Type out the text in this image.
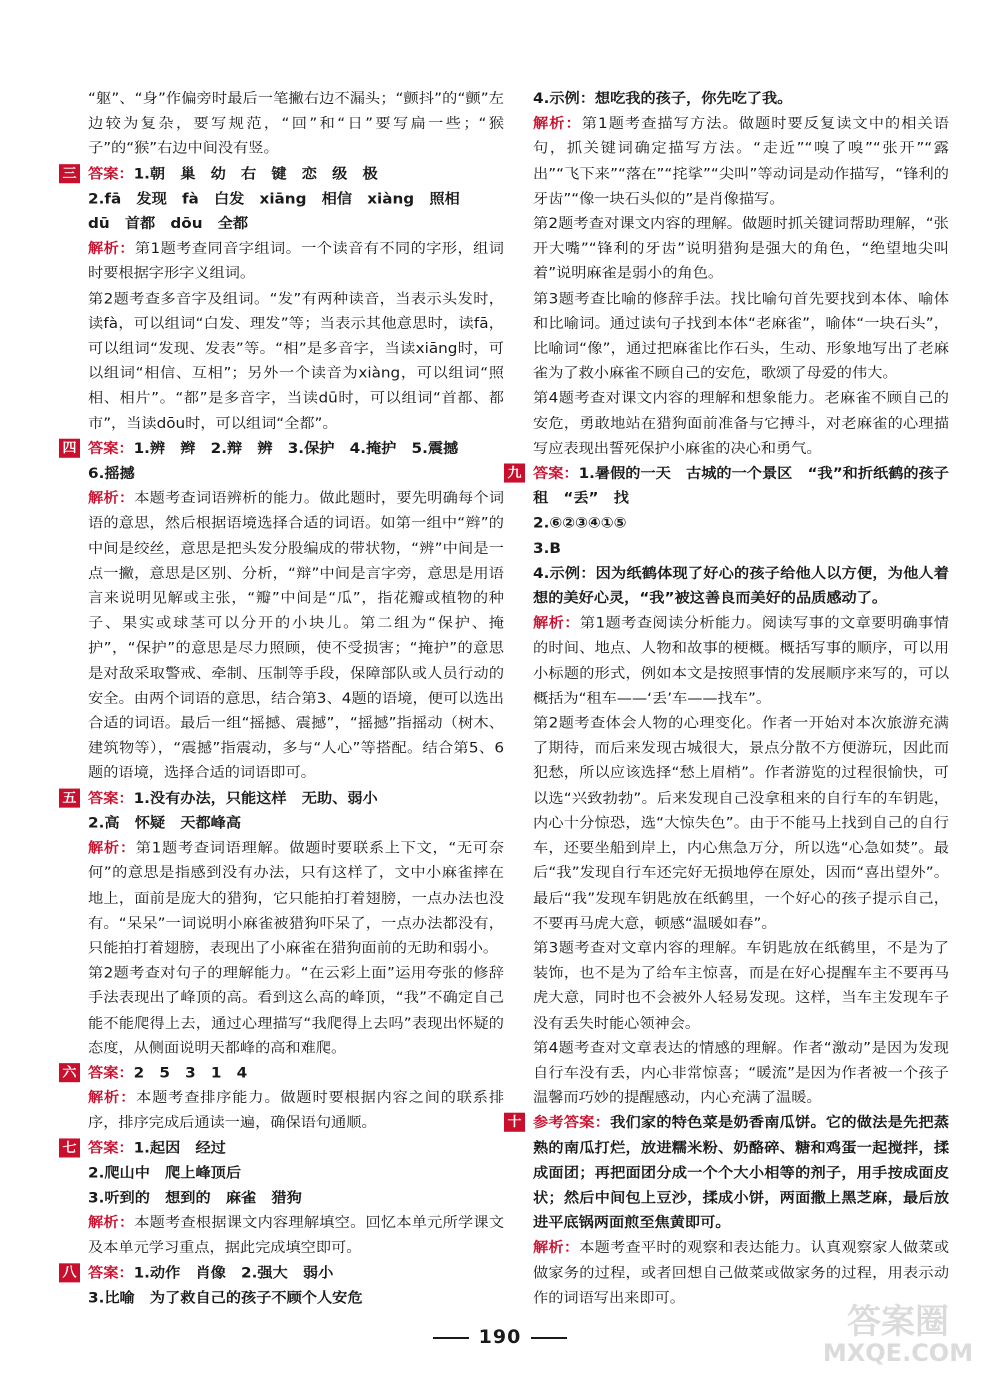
“躯”、“身”作偏旁时最后一笔撇右边不漏头；“颤抖”的“颤”左边较为复杂，要写规范，“回”和“日”要写扁一些；“猴子”的“猴”右边中间没有竖。

三 答案：1.朝　巢　幼　右　键　恋　级　极

2.fā　发现　fà　白发　xiāng　相信　xiàng　照相

dū　首都　dōu　全都

解析：第1题考查同音字组词。一个读音有不同的字形，组词时要根据字形字义组词。

第2题考查多音字及组词。“发”有两种读音，当表示头发时，读fà，可以组词“白发、理发”等；当表示其他意思时，读fā，可以组词“发现、发表”等。“相”是多音字，当读xiāng时，可以组词“相信、互相”；另外一个读音为xiàng，可以组词“照相、相片”。“都”是多音字，当读dū时，可以组词“首都、都市”，当读dōu时，可以组词“全都”。

四 答案：1.辨　辫　2.辩　辨　3.保护　4.掩护　5.震撼

6.摇撼

解析：本题考查词语辨析的能力。做此题时，要先明确每个词语的意思，然后根据语境选择合适的词语。如第一组中“辫”的中间是绞丝，意思是把头发分股编成的带状物，“辨”中间是一点一撇，意思是区别、分析，“辩”中间是言字旁，意思是用语言来说明见解或主张，“瓣”中间是“瓜”，指花瓣或植物的种子、果实或球茎可以分开的小块儿。第二组为“保护、掩护”，“保护”的意思是尽力照顾，使不受损害；“掩护”的意思是对敌采取警戒、牵制、压制等手段，保障部队或人员行动的安全。由两个词语的意思，结合第3、4题的语境，便可以选出合适的词语。最后一组“摇撼、震撼”，“摇撼”指摇动（树木、建筑物等），“震撼”指震动，多与“人心”等搭配。结合第5、6题的语境，选择合适的词语即可。

五 答案：1.没有办法，只能这样　无助、弱小

2.高　怀疑　天都峰高

解析：第1题考查词语理解。做题时要联系上下文，“无可奈何”的意思是指感到没有办法，只有这样了，文中小麻雀摔在地上，面前是庞大的猎狗，它只能拍打着翅膀，一点办法也没有。“呆呆”一词说明小麻雀被猎狗吓呆了，一点办法都没有，只能拍打着翅膀，表现出了小麻雀在猎狗面前的无助和弱小。

第2题考查对句子的理解能力。“在云彩上面”运用夸张的修辞手法表现出了峰顶的高。看到这么高的峰顶，“我”不确定自己能不能爬得上去，通过心理描写“我爬得上去吗”表现出怀疑的态度，从侧面说明天都峰的高和难爬。

六 答案：2　5　3　1　4

解析：本题考查排序能力。做题时要根据内容之间的联系排序，排序完成后通读一遍，确保语句通顺。

七 答案：1.起因　经过

2.爬山中　爬上峰顶后

3.听到的　想到的　麻雀　猎狗

解析：本题考查根据课文内容理解填空。回忆本单元所学课文及本单元学习重点，据此完成填空即可。

八 答案：1.动作　肖像　2.强大　弱小

3.比喻　为了救自己的孩子不顾个人安危

4.示例：想吃我的孩子，你先吃了我。

解析：第1题考查描写方法。做题时要反复读文中的相关语句，抓关键词确定描写方法。“走近”“嗅了嗅”“张开”“露出”“飞下来”“落在”“挓挲”“尖叫”等动词是动作描写，“锋利的牙齿”“像一块石头似的”是肖像描写。

第2题考查对课文内容的理解。做题时抓关键词帮助理解，“张开大嘴”“锋利的牙齿”说明猎狗是强大的角色，“绝望地尖叫着”说明麻雀是弱小的角色。

第3题考查比喻的修辞手法。找比喻句首先要找到本体、喻体和比喻词。通过读句子找到本体“老麻雀”，喻体“一块石头”，比喻词“像”，通过把麻雀比作石头，生动、形象地写出了老麻雀为了救小麻雀不顾自己的安危，歌颂了母爱的伟大。

第4题考查对课文内容的理解和想象能力。老麻雀不顾自己的安危，勇敢地站在猎狗面前准备与它搏斗，对老麻雀的心理描写应表现出誓死保护小麻雀的决心和勇气。

九 答案：1.暑假的一天　古城的一个景区　“我”和折纸鹤的孩子　租　“丢”　找

2.⑥②③④①⑤

3.B

4.示例：因为纸鹤体现了好心的孩子给他人以方便，为他人着想的美好心灵，“我”被这善良而美好的品质感动了。

解析：第1题考查阅读分析能力。阅读写事的文章要明确事情的时间、地点、人物和故事的梗概。概括写事的顺序，可以用小标题的形式，例如本文是按照事情的发展顺序来写的，可以概括为“租车——‘丢’车——找车”。

第2题考查体会人物的心理变化。作者一开始对本次旅游充满了期待，而后来发现古城很大，景点分散不方便游玩，因此而犯愁，所以应该选择“愁上眉梢”。作者游览的过程很愉快，可以选“兴致勃勃”。后来发现自己没拿租来的自行车的车钥匙，内心十分惊恐，选“大惊失色”。由于不能马上找到自己的自行车，还要坐船到岸上，内心焦急万分，所以选“心急如焚”。最后“我”发现自行车还完好无损地停在原处，因而“喜出望外”。最后“我”发现车钥匙放在纸鹤里，一个好心的孩子提示自己，不要再马虎大意，顿感“温暖如春”。

第3题考查对文章内容的理解。车钥匙放在纸鹤里，不是为了装饰，也不是为了给车主惊喜，而是在好心提醒车主不要再马虎大意，同时也不会被外人轻易发现。这样，当车主发现车子没有丢失时能心领神会。

第4题考查对文章表达的情感的理解。作者“激动”是因为发现自行车没有丢，内心非常惊喜；“暖流”是因为作者被一个孩子温馨而巧妙的提醒感动，内心充满了温暖。

十 参考答案：我们家的特色菜是奶香南瓜饼。它的做法是先把蒸熟的南瓜打烂，放进糯米粉、奶酪碎、糖和鸡蛋一起搅拌，揉成面团；再把面团分成一个个大小相等的剂子，用手按成面皮状；然后中间包上豆沙，揉成小饼，两面撒上黑芝麻，最后放进平底锅两面煎至焦黄即可。

解析：本题考查平时的观察和表达能力。认真观察家人做菜或做家务的过程，或者回想自己做菜或做家务的过程，用表示动作的词语写出来即可。

190	答案圈
MXQE.COM
